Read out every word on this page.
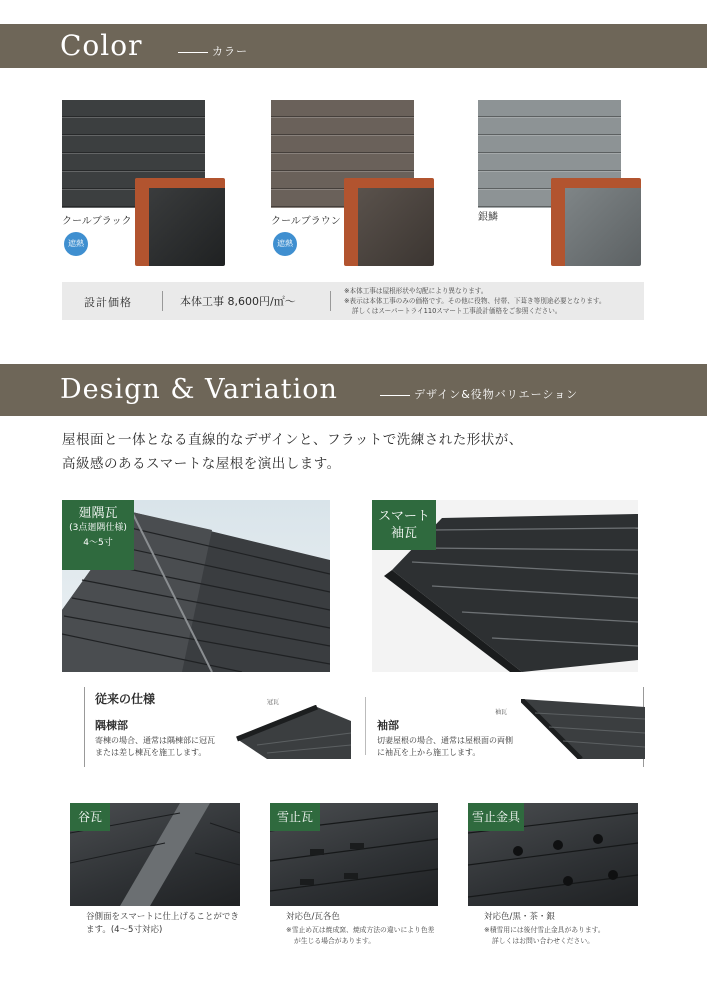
Color	カラー
クールブラック
遮熱
クールブラウン
遮熱
銀鱗
設計価格	本体工事 8,600円/㎡〜
※本体工事は屋根形状や勾配により異なります。
※表示は本体工事のみの価格です。その他に役物、付帯、下葺き等別途必要となります。
詳しくはスーパートライ110スマート工事設計価格をご参照ください。
Design & Variation	デザイン&役物バリエーション
屋根面と一体となる直線的なデザインと、フラットで洗練された形状が、
高級感のあるスマートな屋根を演出します。
廻隅瓦
(3点廻隅仕様)
4〜5寸
スマート
袖瓦
従来の仕様
隅棟部
寄棟の場合、通常は隅棟部に冠瓦
または差し棟瓦を施工します。
冠瓦
袖部
切妻屋根の場合、通常は屋根面の両側
に袖瓦を上から施工します。
袖瓦
谷瓦
谷側面をスマートに仕上げることができ
ます。(4〜5寸対応)
雪止瓦
対応色/瓦各色
※雪止め瓦は焼成窯、焼成方法の違いにより色差
が生じる場合があります。
雪止金具
対応色/黒・茶・銀
※積雪用には後付雪止金具があります。
詳しくはお問い合わせください。
